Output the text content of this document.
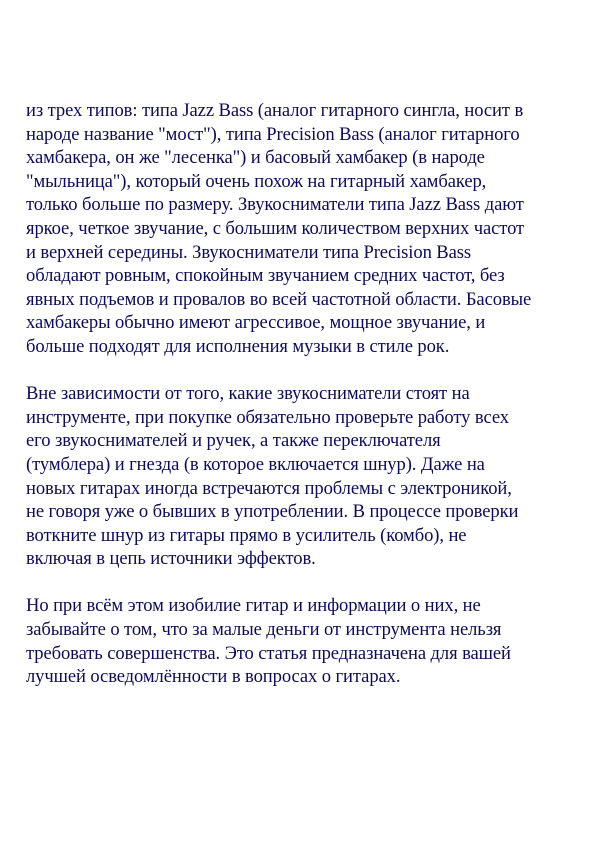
из трех типов: типа Jazz Bass (аналог гитарного сингла, носит в
народе название "мост"), типа Precision Bass (аналог гитарного
хамбакера, он же "лесенка") и басовый хамбакер (в народе
"мыльница"), который очень похож на гитарный хамбакер,
только больше по размеру. Звукосниматели типа Jazz Bass дают
яркое, четкое звучание, с большим количеством верхних частот
и верхней середины. Звукосниматели типа Precision Bass
обладают ровным, спокойным звучанием средних частот, без
явных подъемов и провалов во всей частотной области. Басовые
хамбакеры обычно имеют агрессивое, мощное звучание, и
больше подходят для исполнения музыки в стиле рок.
Вне зависимости от того, какие звукосниматели стоят на
инструменте, при покупке обязательно проверьте работу всех
его звукоснимателей и ручек, а также переключателя
(тумблера) и гнезда (в которое включается шнур). Даже на
новых гитарах иногда встречаются проблемы с электроникой,
не говоря уже о бывших в употреблении. В процессе проверки
воткните шнур из гитары прямо в усилитель (комбо), не
включая в цепь источники эффектов.
Но при всём этом изобилие гитар и информации о них, не
забывайте о том, что за малые деньги от инструмента нельзя
требовать совершенства. Это статья предназначена для вашей
лучшей осведомлённости в вопросах о гитарах.
